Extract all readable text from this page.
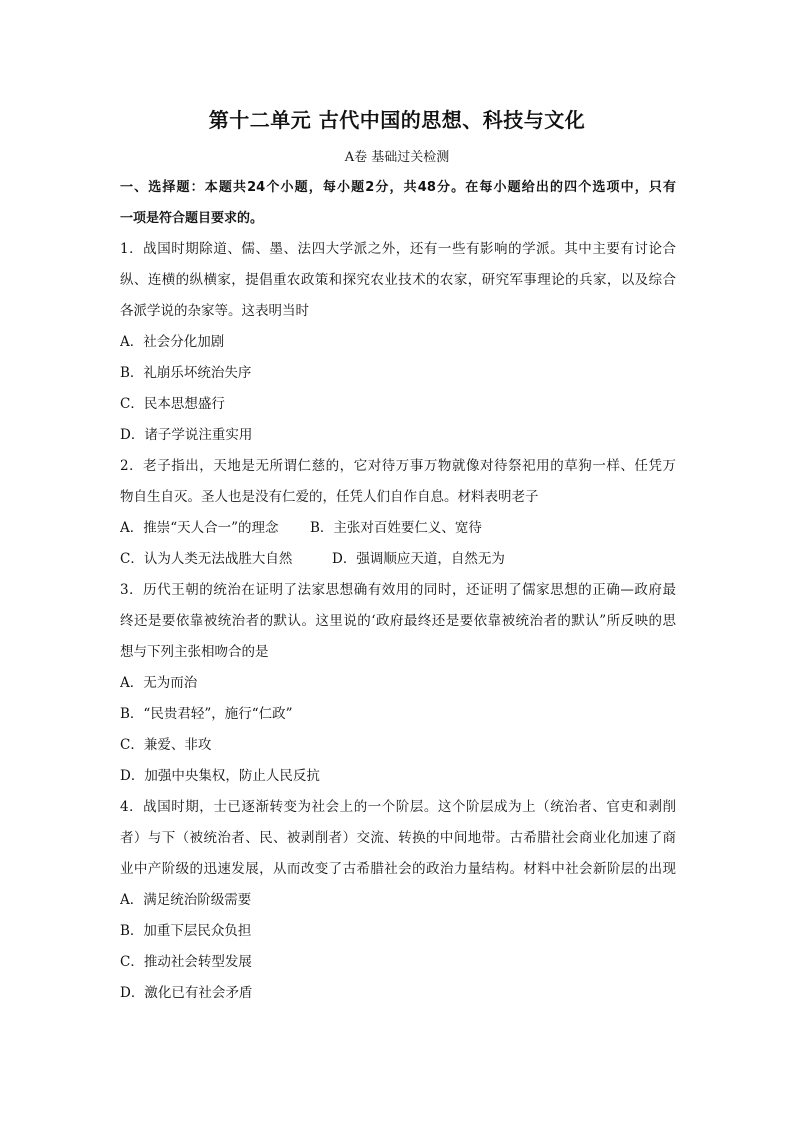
第十二单元 古代中国的思想、科技与文化
A卷 基础过关检测
一、选择题：本题共24个小题，每小题2分，共48分。在每小题给出的四个选项中，只有
一项是符合题目要求的。
1．战国时期除道、儒、墨、法四大学派之外，还有一些有影响的学派。其中主要有讨论合
纵、连横的纵横家，提倡重农政策和探究农业技术的农家，研究军事理论的兵家，以及综合
各派学说的杂家等。这表明当时
A．社会分化加剧
B．礼崩乐坏统治失序
C．民本思想盛行
D．诸子学说注重实用
2．老子指出，天地是无所谓仁慈的，它对待万事万物就像对待祭祀用的草狗一样、任凭万
物自生自灭。圣人也是没有仁爱的，任凭人们自作自息。材料表明老子
A．推崇“天人合一”的理念	B．主张对百姓要仁义、宽待
C．认为人类无法战胜大自然	D．强调顺应天道，自然无为
3．历代王朝的统治在证明了法家思想确有效用的同时，还证明了儒家思想的正确—政府最
终还是要依靠被统治者的默认。这里说的‘政府最终还是要依靠被统治者的默认”所反映的思
想与下列主张相吻合的是
A．无为而治
B．“民贵君轻”，施行“仁政”
C．兼爱、非攻
D．加强中央集权，防止人民反抗
4．战国时期，士已逐渐转变为社会上的一个阶层。这个阶层成为上（统治者、官吏和剥削
者）与下（被统治者、民、被剥削者）交流、转换的中间地带。古希腊社会商业化加速了商
业中产阶级的迅速发展，从而改变了古希腊社会的政治力量结构。材料中社会新阶层的出现
A．满足统治阶级需要
B．加重下层民众负担
C．推动社会转型发展
D．激化已有社会矛盾
